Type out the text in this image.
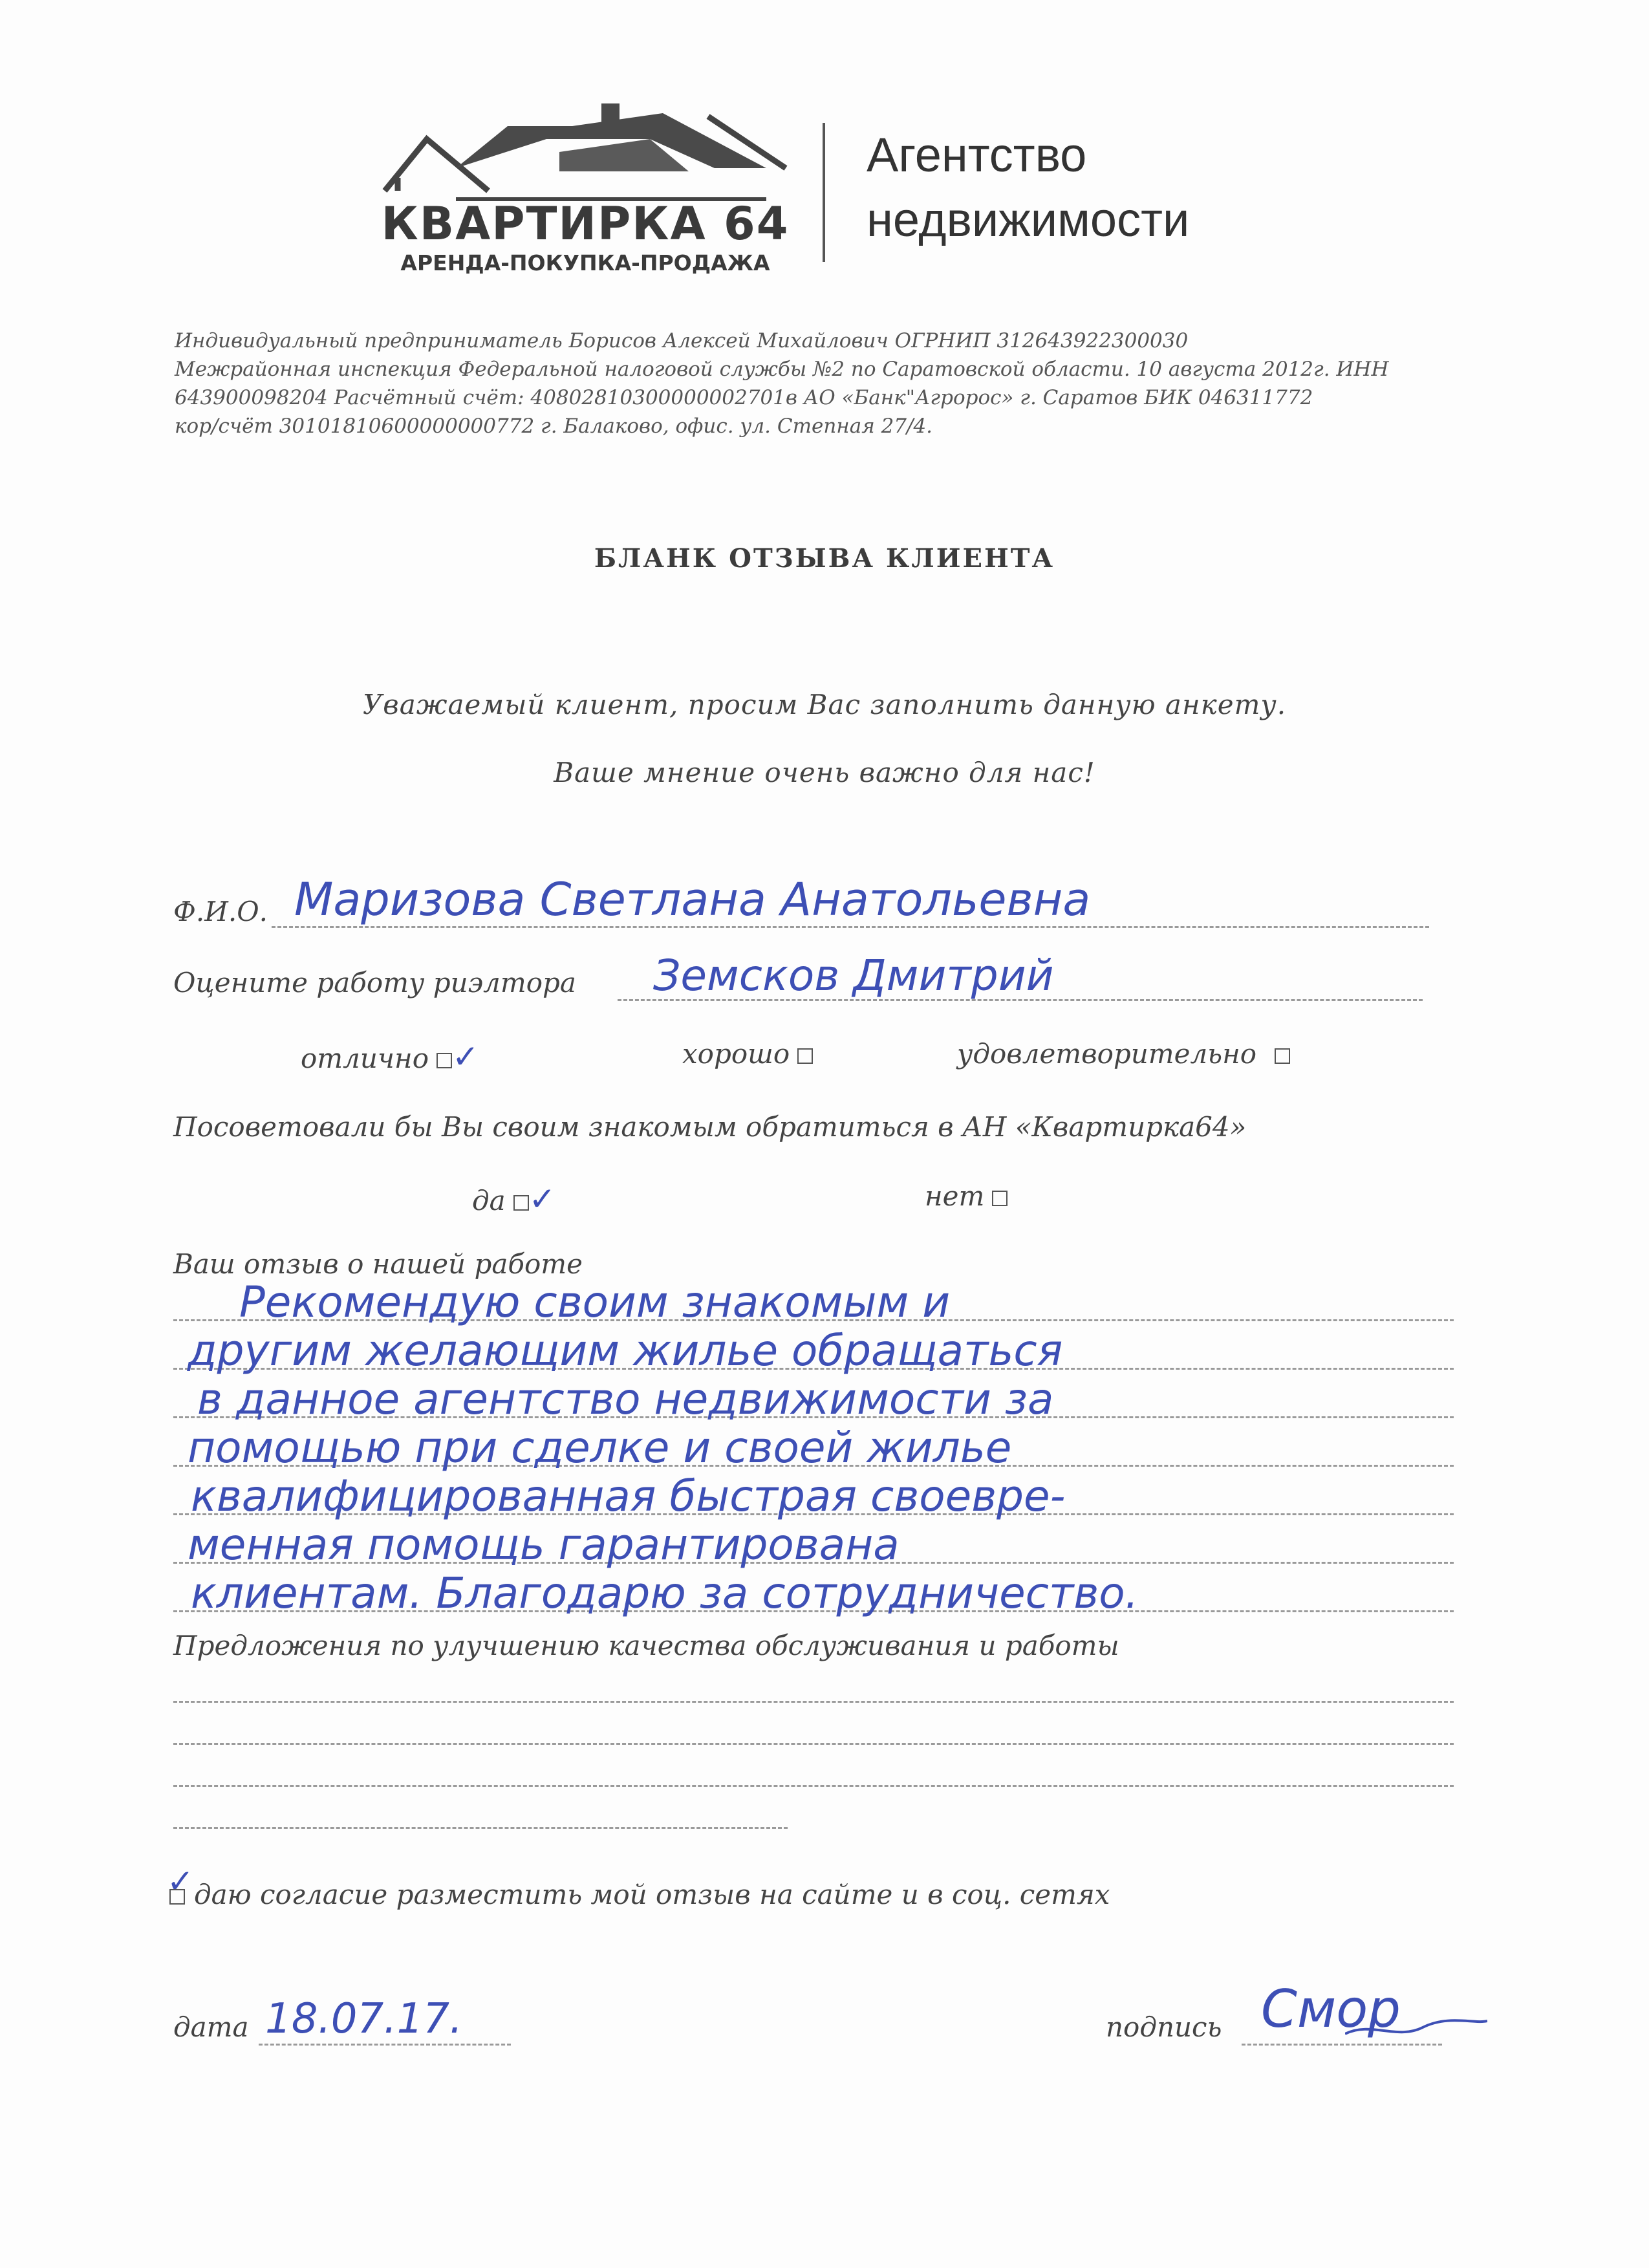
КВАРТИРКА 64
АРЕНДА-ПОКУПКА-ПРОДАЖА
Агентство
недвижимости
Индивидуальный предприниматель Борисов Алексей Михайлович ОГРНИП 312643922300030
Межрайонная инспекция Федеральной налоговой службы №2 по Саратовской области. 10 августа 2012г. ИНН
643900098204 Расчётный счёт: 40802810300000002701в АО «Банк"Агророс» г. Саратов БИК 046311772
кор/счёт 30101810600000000772 г. Балаково, офис. ул. Степная 27/4.
БЛАНК ОТЗЫВА КЛИЕНТА
Уважаемый клиент, просим Вас заполнить данную анкету.
Ваше мнение очень важно для нас!
Ф.И.О. Маризова Светлана Анатольевна
Оцените работу риэлтора Земсков Дмитрий
отлично ✓	хорошо	удовлетворительно
Посоветовали бы Вы своим знакомым обратиться в АН «Квартирка64»
да ✓	нет
Ваш отзыв о нашей работе
Рекомендую своим знакомым и
другим желающим жилье обращаться
в данное агентство недвижимости за
помощью при сделке и своей жилье
квалифицированная быстрая своевре-
менная помощь гарантирована
клиентам. Благодарю за сотрудничество.
Предложения по улучшению качества обслуживания и работы
даю согласие разместить мой отзыв на сайте и в соц. сетях
✓
дата 18.07.17.	подпись Смор
